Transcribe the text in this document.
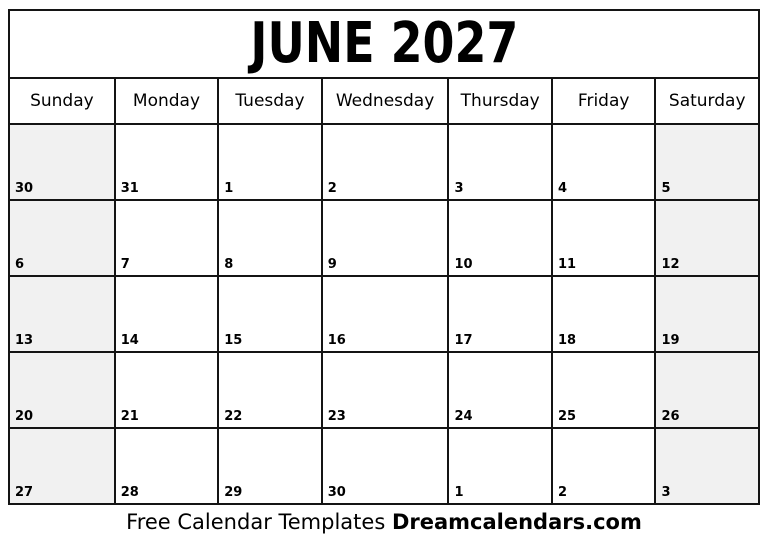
JUNE 2027
Sunday	Monday	Tuesday	Wednesday	Thursday	Friday	Saturday
30	31	1	2	3	4	5
6	7	8	9	10	11	12
13	14	15	16	17	18	19
20	21	22	23	24	25	26
27	28	29	30	1	2	3
Free Calendar Templates Dreamcalendars.com
